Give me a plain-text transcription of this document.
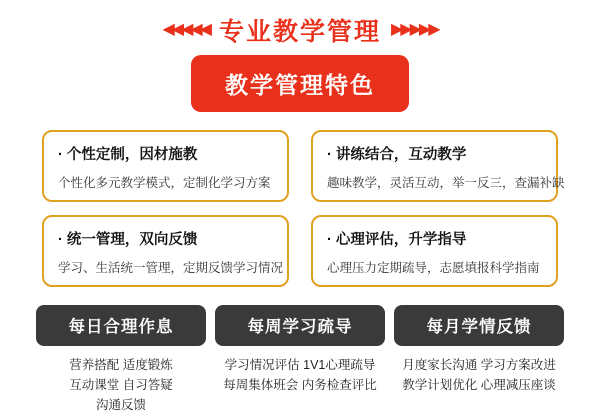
◀◀◀◀◀ 专业教学管理 ▶▶▶▶▶
教学管理特色
· 个性定制，因材施教
个性化多元教学模式，定制化学习方案
· 讲练结合，互动教学
趣味教学，灵活互动，举一反三，查漏补缺
· 统一管理，双向反馈
学习、生活统一管理，定期反馈学习情况
· 心理评估，升学指导
心理压力定期疏导，志愿填报科学指南
每日合理作息
营养搭配 适度锻炼
互动课堂 自习答疑
沟通反馈
每周学习疏导
学习情况评估 1V1心理疏导
每周集体班会 内务检查评比
每月学情反馈
月度家长沟通 学习方案改进
教学计划优化 心理减压座谈
